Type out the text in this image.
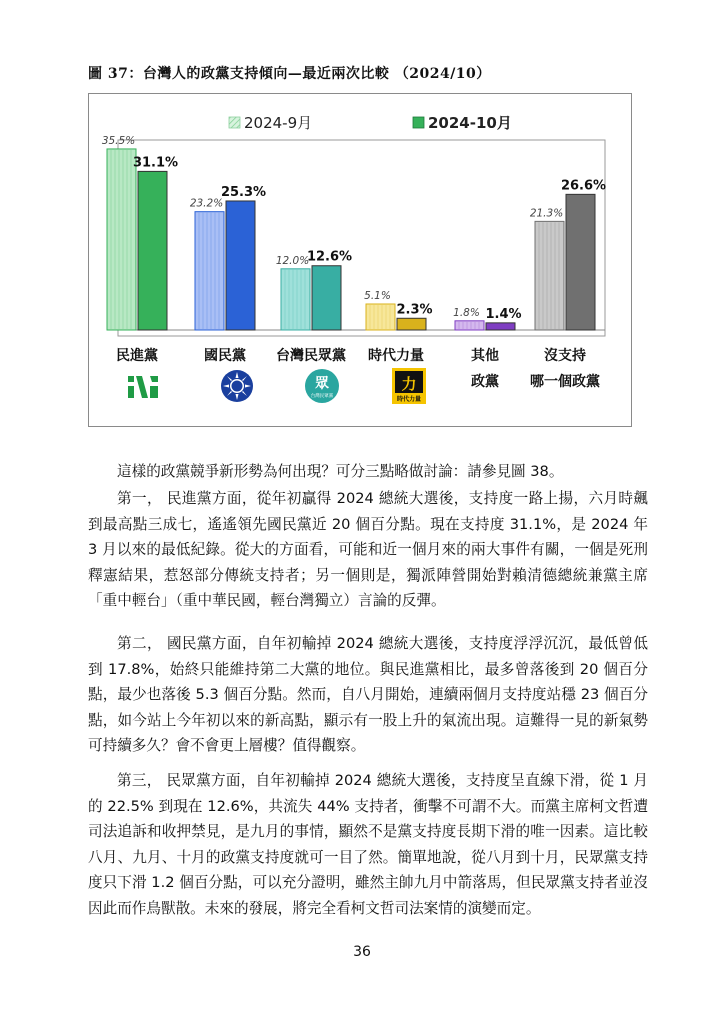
圖 37：台灣人的政黨支持傾向—最近兩次比較 （2024/10）
2024-9月	2024-10月
35.5%
31.1%
23.2%
25.3%
12.0%
12.6%
5.1%
2.3% 1.8% 1.4%
21.3%
26.6%
民進黨	國民黨 台灣民眾黨 時代力量	其他
政黨
沒支持
哪一個政黨
眾
台灣民眾黨
力
時代力量
這樣的政黨競爭新形勢為何出現？可分三點略做討論：請參見圖 38。
第一， 民進黨方面，從年初贏得 2024 總統大選後，支持度一路上揚，六月時飆到最高點三成七，遙遙領先國民黨近 20 個百分點。現在支持度 31.1%，是 2024 年 3 月以來的最低紀錄。從大的方面看，可能和近一個月來的兩大事件有關，一個是死刑釋憲結果，惹怒部分傳統支持者；另一個則是，獨派陣營開始對賴清德總統兼黨主席「重中輕台」（重中華民國，輕台灣獨立）言論的反彈。
第二， 國民黨方面，自年初輸掉 2024 總統大選後，支持度浮浮沉沉，最低曾低到 17.8%，始終只能維持第二大黨的地位。與民進黨相比，最多曾落後到 20 個百分點，最少也落後 5.3 個百分點。然而，自八月開始，連續兩個月支持度站穩 23 個百分點，如今站上今年初以來的新高點，顯示有一股上升的氣流出現。這難得一見的新氣勢可持續多久？會不會更上層樓？值得觀察。
第三， 民眾黨方面，自年初輸掉 2024 總統大選後，支持度呈直線下滑，從 1 月的 22.5% 到現在 12.6%，共流失 44% 支持者，衝擊不可謂不大。而黨主席柯文哲遭司法追訴和收押禁見，是九月的事情，顯然不是黨支持度長期下滑的唯一因素。這比較八月、九月、十月的政黨支持度就可一目了然。簡單地說，從八月到十月，民眾黨支持度只下滑 1.2 個百分點，可以充分證明，雖然主帥九月中箭落馬，但民眾黨支持者並沒因此而作鳥獸散。未來的發展，將完全看柯文哲司法案情的演變而定。
36
